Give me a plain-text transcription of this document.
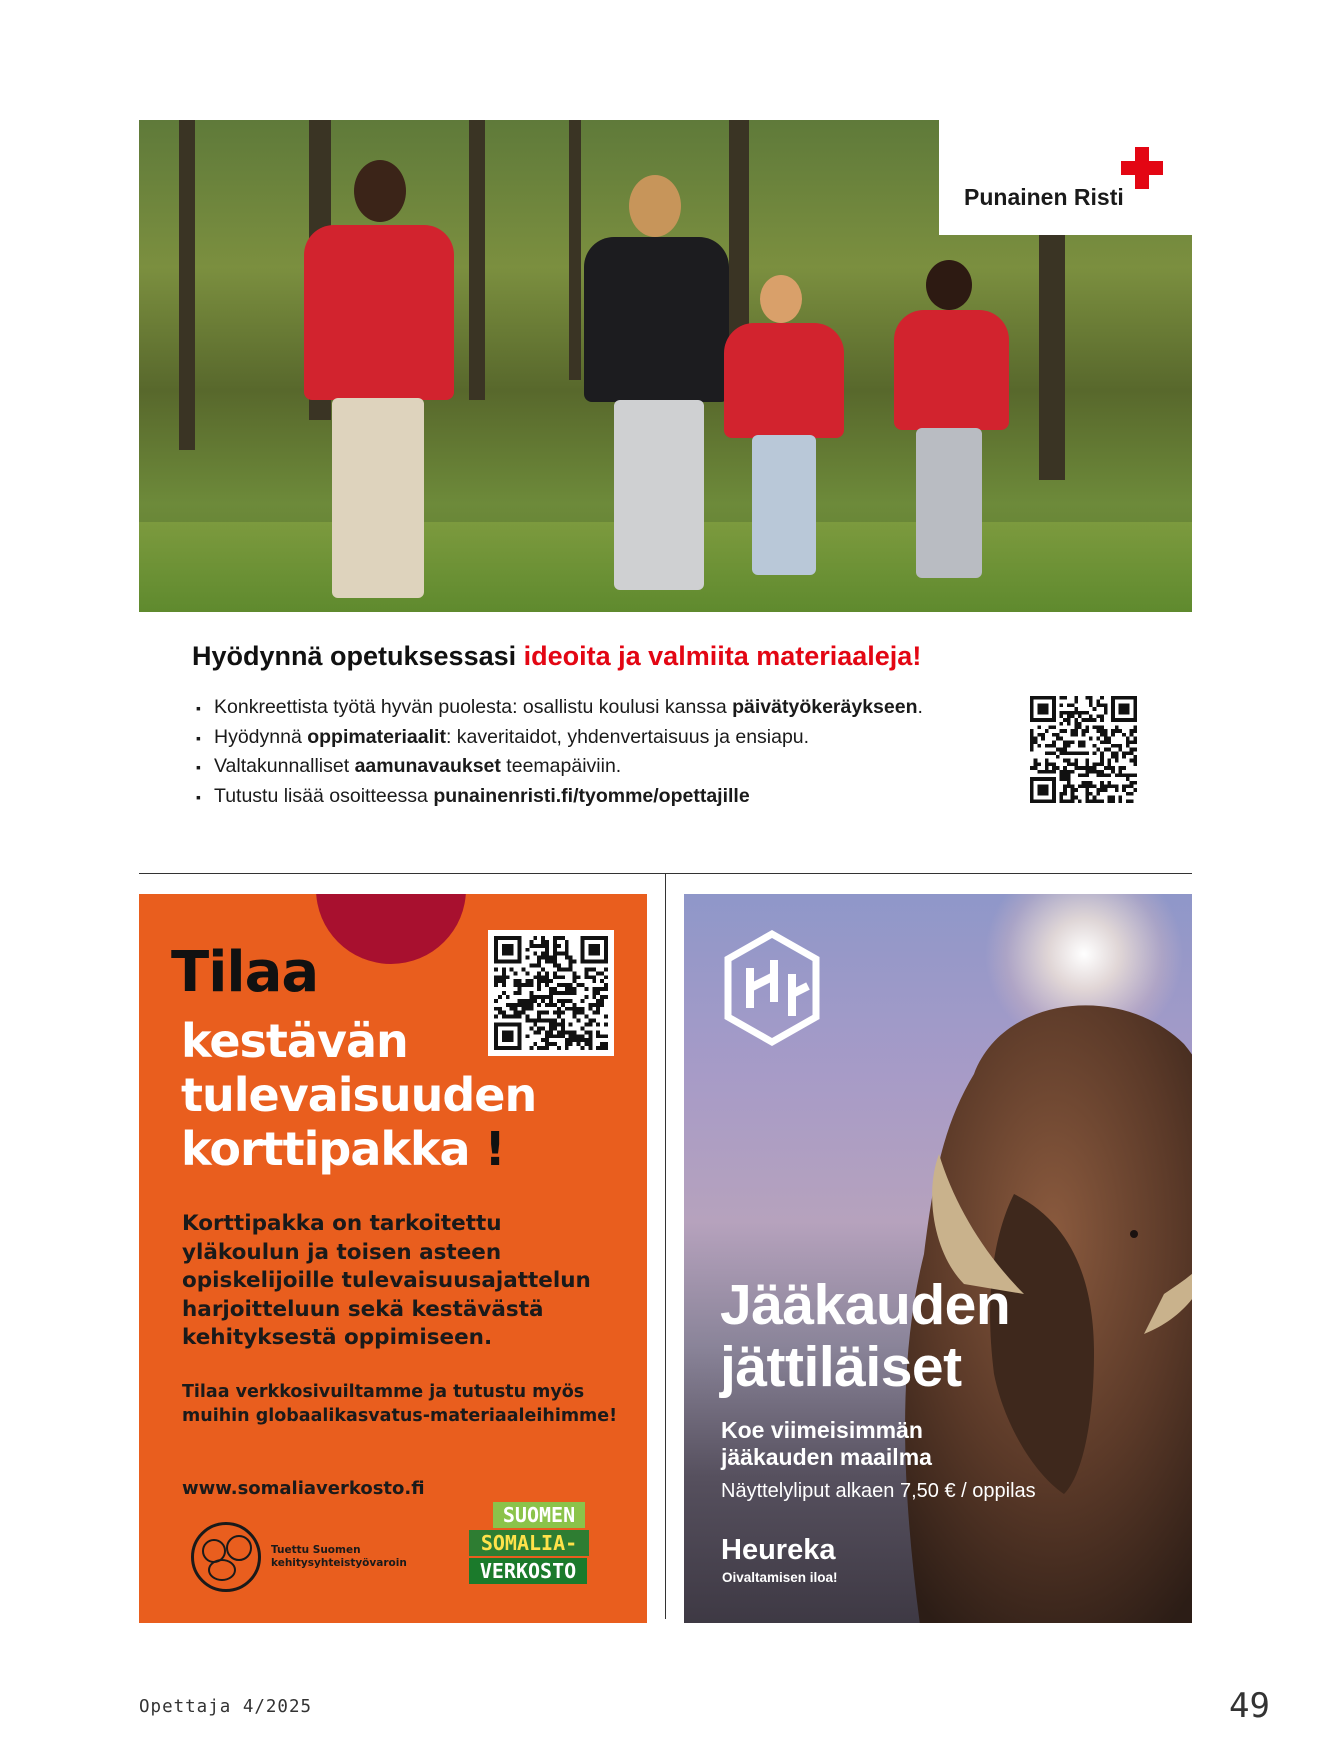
Punainen Risti
Hyödynnä opetuksessasi ideoita ja valmiita materiaaleja!
▪ Konkreettista työtä hyvän puolesta: osallistu koulusi kanssa päivätyökeräykseen.
▪ Hyödynnä oppimateriaalit: kaveritaidot, yhdenvertaisuus ja ensiapu.
▪ Valtakunnalliset aamunavaukset teemapäiviin.
▪ Tutustu lisää osoitteessa punainenristi.fi/tyomme/opettajille
Tilaa
kestävän
tulevaisuuden
korttipakka !
Korttipakka on tarkoitettu yläkoulun ja toisen asteen opiskelijoille tulevaisuusajattelun harjoitteluun sekä kestävästä kehityksestä oppimiseen.
Tilaa verkkosivuiltamme ja tutustu myös muihin globaalikasvatus-materiaaleihimme!
www.somaliaverkosto.fi
Tuettu Suomen
kehitysyhteistyövaroin
SUOMEN
SOMALIA-
VERKOSTO
Jääkauden
jättiläiset
Koe viimeisimmän
jääkauden maailma
Näyttelyliput alkaen 7,50 € / oppilas
Heureka
Oivaltamisen iloa!
Opettaja 4/2025	49
